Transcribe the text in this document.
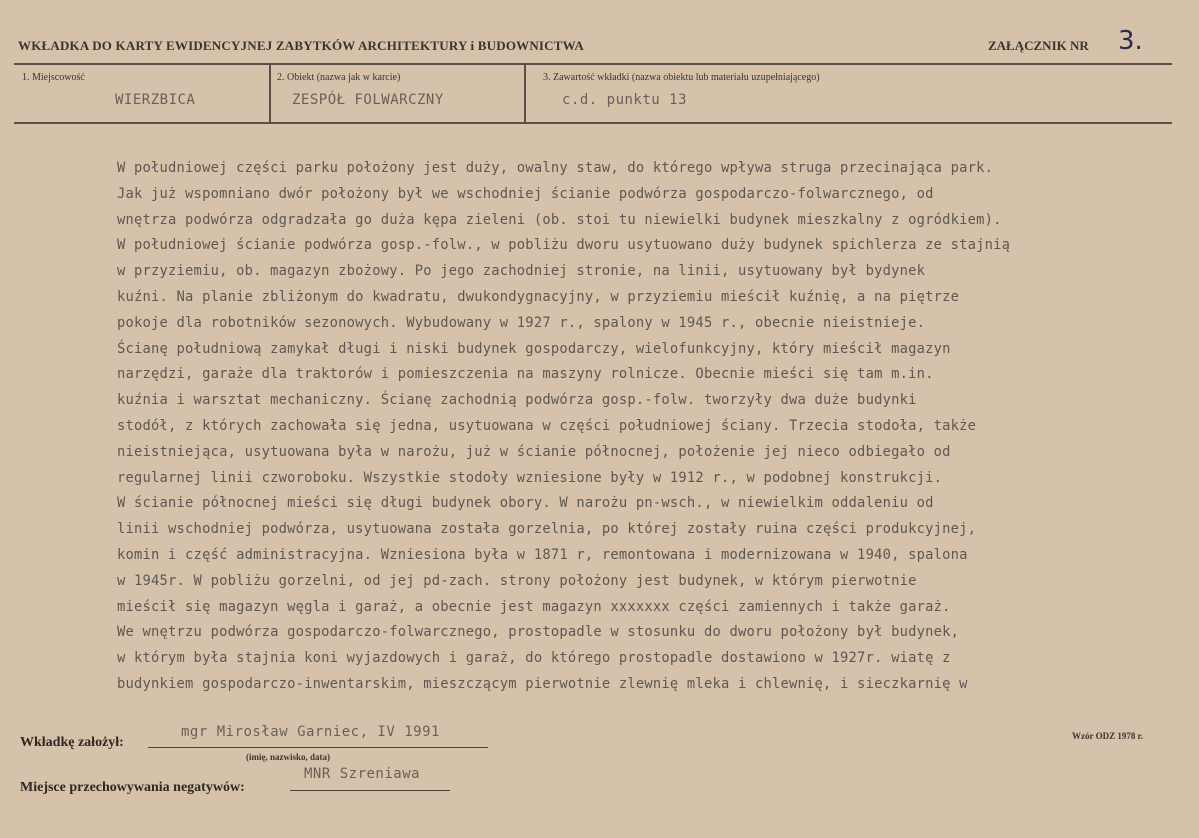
WKŁADKA DO KARTY EWIDENCYJNEJ ZABYTKÓW ARCHITEKTURY i BUDOWNICTWA	ZAŁĄCZNIK NR 3.
1. Miejscowość
WIERZBICA
2. Obiekt (nazwa jak w karcie)
ZESPÓŁ FOLWARCZNY
3. Zawartość wkładki (nazwa obiektu lub materiału uzupełniającego)
c.d. punktu 13
W południowej części parku położony jest duży, owalny staw, do którego wpływa struga przecinająca park.
Jak już wspomniano dwór położony był we wschodniej ścianie podwórza gospodarczo-folwarcznego, od
wnętrza podwórza odgradzała go duża kępa zieleni (ob. stoi tu niewielki budynek mieszkalny z ogródkiem).
W południowej ścianie podwórza gosp.-folw., w pobliżu dworu usytuowano duży budynek spichlerza ze stajnią
w przyziemiu, ob. magazyn zbożowy. Po jego zachodniej stronie, na linii, usytuowany był bydynek
kuźni. Na planie zbliżonym do kwadratu, dwukondygnacyjny, w przyziemiu mieścił kuźnię, a na piętrze
pokoje dla robotników sezonowych. Wybudowany w 1927 r., spalony w 1945 r., obecnie nieistnieje.
Ścianę południową zamykał długi i niski budynek gospodarczy, wielofunkcyjny, który mieścił magazyn
narzędzi, garaże dla traktorów i pomieszczenia na maszyny rolnicze. Obecnie mieści się tam m.in.
kuźnia i warsztat mechaniczny. Ścianę zachodnią podwórza gosp.-folw. tworzyły dwa duże budynki
stodół, z których zachowała się jedna, usytuowana w części południowej ściany. Trzecia stodoła, także
nieistniejąca, usytuowana była w narożu, już w ścianie północnej, położenie jej nieco odbiegało od
regularnej linii czworoboku. Wszystkie stodoły wzniesione były w 1912 r., w podobnej konstrukcji.
W ścianie północnej mieści się długi budynek obory. W narożu pn-wsch., w niewielkim oddaleniu od
linii wschodniej podwórza, usytuowana została gorzelnia, po której zostały ruina części produkcyjnej,
komin i część administracyjna. Wzniesiona była w 1871 r, remontowana i modernizowana w 1940, spalona
w 1945r. W pobliżu gorzelni, od jej pd-zach. strony położony jest budynek, w którym pierwotnie
mieścił się magazyn węgla i garaż, a obecnie jest magazyn xxxxxxx części zamiennych i także garaż.
We wnętrzu podwórza gospodarczo-folwarcznego, prostopadle w stosunku do dworu położony był budynek,
w którym była stajnia koni wyjazdowych i garaż, do którego prostopadle dostawiono w 1927r. wiatę z
budynkiem gospodarczo-inwentarskim, mieszczącym pierwotnie zlewnię mleka i chlewnię, i sieczkarnię w
Wkładkę założył:
mgr Mirosław Garniec, IV 1991
(imię, nazwisko, data)
Wzór ODZ 1978 r.
Miejsce przechowywania negatywów:
MNR Szreniawa
